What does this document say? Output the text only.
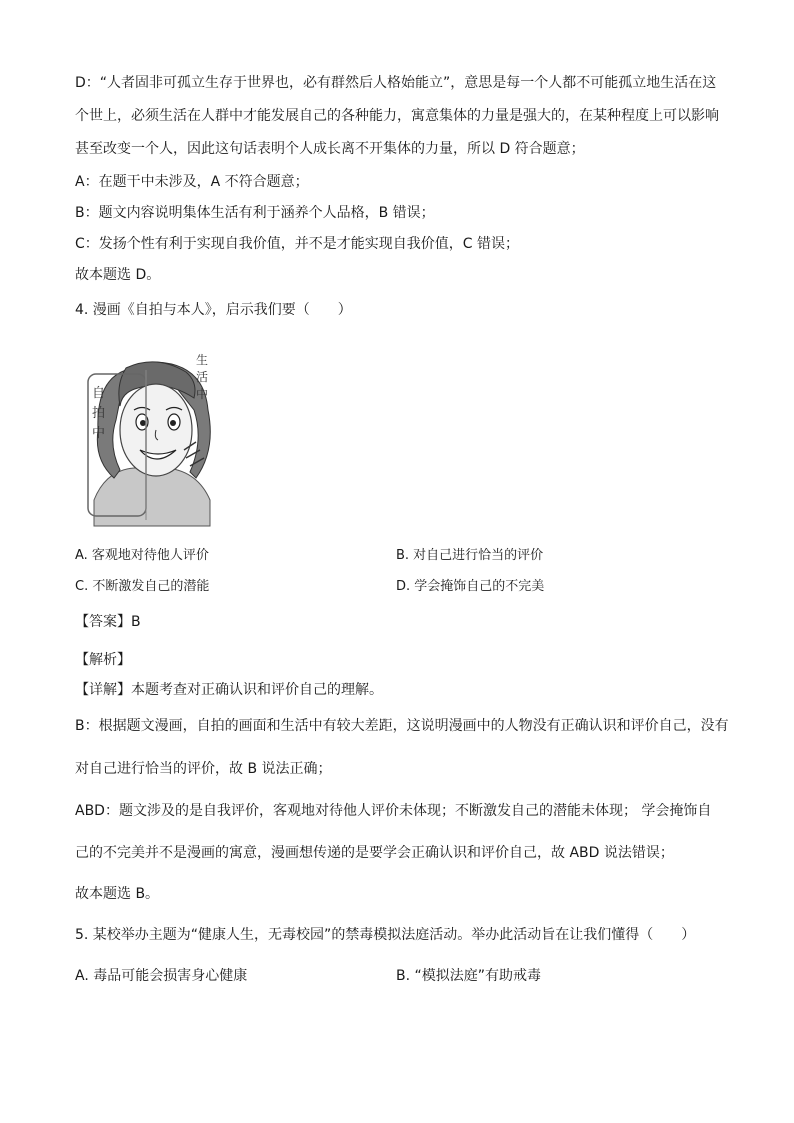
D：“人者固非可孤立生存于世界也，必有群然后人格始能立”，意思是每一个人都不可能孤立地生活在这
个世上，必须生活在人群中才能发展自己的各种能力，寓意集体的力量是强大的，在某种程度上可以影响
甚至改变一个人，因此这句话表明个人成长离不开集体的力量，所以 D 符合题意；
A：在题干中未涉及，A 不符合题意；
B：题文内容说明集体生活有利于涵养个人品格，B 错误；
C：发扬个性有利于实现自我价值，并不是才能实现自我价值，C 错误；
故本题选 D。
4. 漫画《自拍与本人》，启示我们要（　　）
自
拍
中
生
活
中
A. 客观地对待他人评价	B. 对自己进行恰当的评价
C. 不断激发自己的潜能	D. 学会掩饰自己的不完美
【答案】B
【解析】
【详解】本题考查对正确认识和评价自己的理解。
B：根据题文漫画，自拍的画面和生活中有较大差距，这说明漫画中的人物没有正确认识和评价自己，没有
对自己进行恰当的评价，故 B 说法正确；
ABD：题文涉及的是自我评价，客观地对待他人评价未体现；不断激发自己的潜能未体现； 学会掩饰自
己的不完美并不是漫画的寓意，漫画想传递的是要学会正确认识和评价自己，故 ABD 说法错误；
故本题选 B。
5. 某校举办主题为“健康人生，无毒校园”的禁毒模拟法庭活动。举办此活动旨在让我们懂得（　　）
A. 毒品可能会损害身心健康	B. “模拟法庭”有助戒毒
